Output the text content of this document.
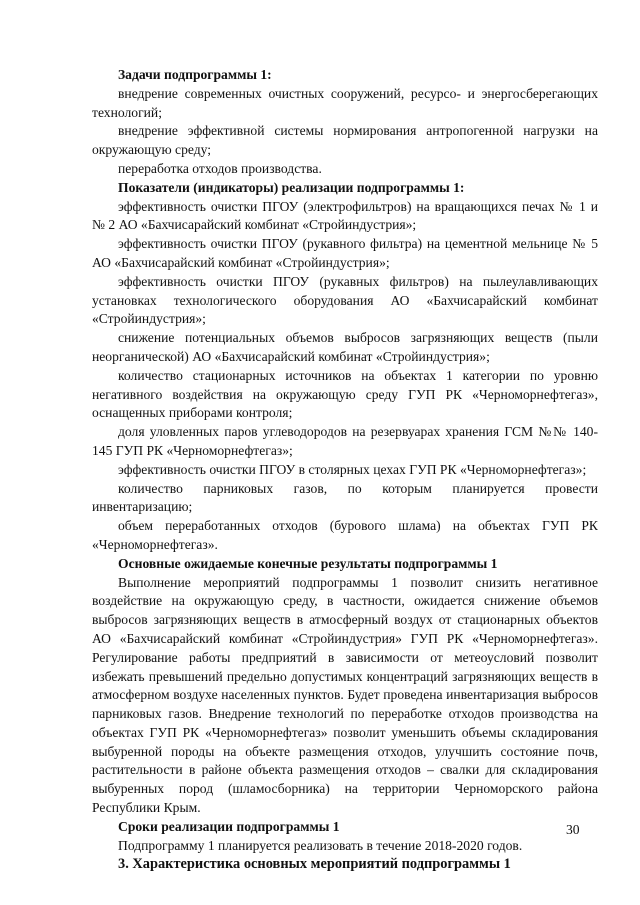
Задачи подпрограммы 1:

внедрение современных очистных сооружений, ресурсо- и энергосберегающих технологий;

внедрение эффективной системы нормирования антропогенной нагрузки на окружающую среду;

переработка отходов производства.

Показатели (индикаторы) реализации подпрограммы 1:

эффективность очистки ПГОУ (электрофильтров) на вращающихся печах № 1 и № 2 АО «Бахчисарайский комбинат «Стройиндустрия»;

эффективность очистки ПГОУ (рукавного фильтра) на цементной мельнице № 5 АО «Бахчисарайский комбинат «Стройиндустрия»;

эффективность очистки ПГОУ (рукавных фильтров) на пылеулавливающих установках технологического оборудования АО «Бахчисарайский комбинат «Стройиндустрия»;

снижение потенциальных объемов выбросов загрязняющих веществ (пыли неорганической) АО «Бахчисарайский комбинат «Стройиндустрия»;

количество стационарных источников на объектах 1 категории по уровню негативного воздействия на окружающую среду ГУП РК «Черноморнефтегаз», оснащенных приборами контроля;

доля уловленных паров углеводородов на резервуарах хранения ГСМ №№ 140-145 ГУП РК «Черноморнефтегаз»;

эффективность очистки ПГОУ в столярных цехах ГУП РК «Черноморнефтегаз»;

количество парниковых газов, по которым планируется провести инвентаризацию;

объем переработанных отходов (бурового шлама) на объектах ГУП РК «Черноморнефтегаз».

Основные ожидаемые конечные результаты подпрограммы 1

Выполнение мероприятий подпрограммы 1 позволит снизить негативное воздействие на окружающую среду, в частности, ожидается снижение объемов выбросов загрязняющих веществ в атмосферный воздух от стационарных объектов АО «Бахчисарайский комбинат «Стройиндустрия» ГУП РК «Черноморнефтегаз». Регулирование работы предприятий в зависимости от метеоусловий позволит избежать превышений предельно допустимых концентраций загрязняющих веществ в атмосферном воздухе населенных пунктов. Будет проведена инвентаризация выбросов парниковых газов. Внедрение технологий по переработке отходов производства на объектах ГУП РК «Черноморнефтегаз» позволит уменьшить объемы складирования выбуренной породы на объекте размещения отходов, улучшить состояние почв, растительности в районе объекта размещения отходов – свалки для складирования выбуренных пород (шламосборника) на территории Черноморского района Республики Крым.

Сроки реализации подпрограммы 1

Подпрограмму 1 планируется реализовать в течение 2018-2020 годов.

3. Характеристика основных мероприятий подпрограммы 1

30
